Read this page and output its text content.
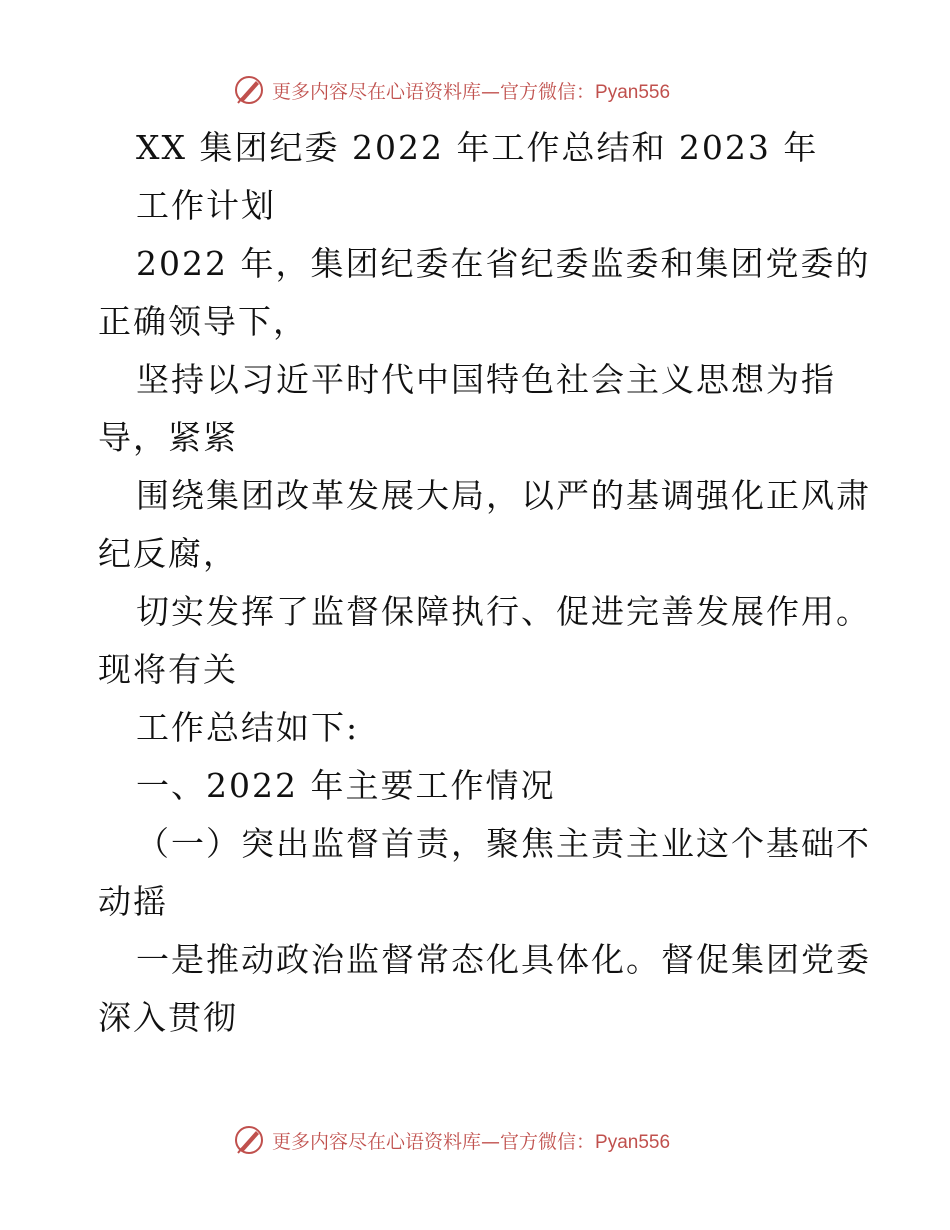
更多内容尽在心语资料库—官方微信：Pyan556
XX 集团纪委 2022 年工作总结和 2023 年
工作计划
2022 年，集团纪委在省纪委监委和集团党委的
正确领导下，
坚持以习近平时代中国特色社会主义思想为指
导，紧紧
围绕集团改革发展大局，以严的基调强化正风肃
纪反腐，
切实发挥了监督保障执行、促进完善发展作用。
现将有关
工作总结如下:
一、2022 年主要工作情况
（一）突出监督首责，聚焦主责主业这个基础不
动摇
一是推动政治监督常态化具体化。督促集团党委
深入贯彻
更多内容尽在心语资料库—官方微信：Pyan556
